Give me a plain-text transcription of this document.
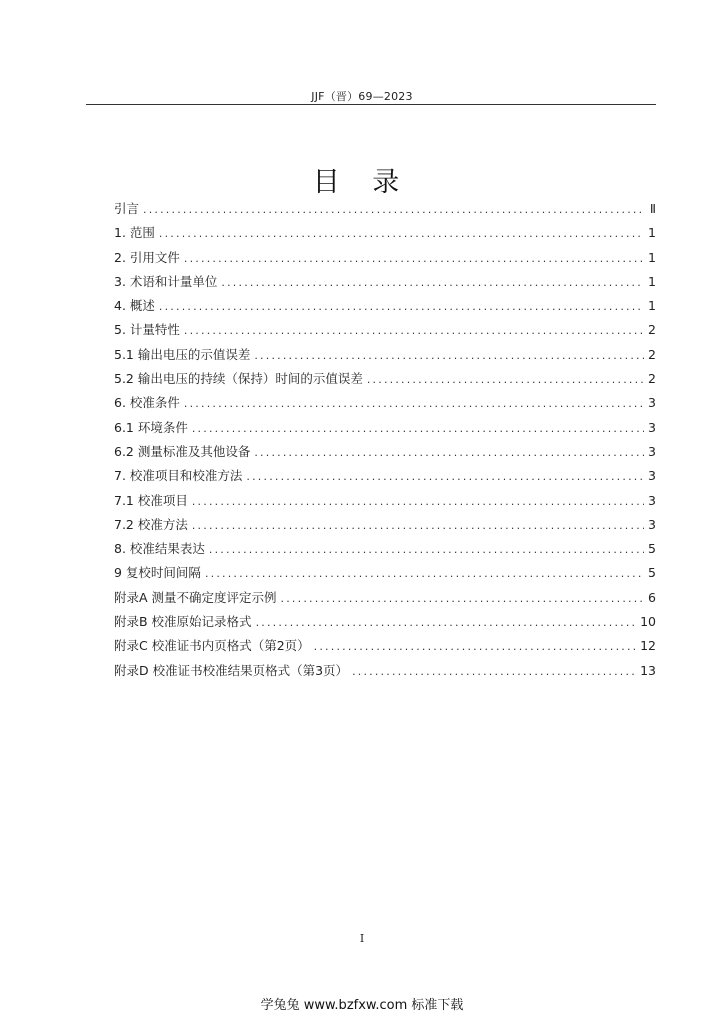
JJF（晋）69—2023
目 录
引言 .....	Ⅱ
1. 范围 .....	1
2. 引用文件 .....	1
3. 术语和计量单位 .....	1
4. 概述 .....	1
5. 计量特性 .....	2
5.1 输出电压的示值误差 .....	2
5.2 输出电压的持续（保持）时间的示值误差 .....	2
6. 校准条件 .....	3
6.1 环境条件 .....	3
6.2 测量标准及其他设备 .....	3
7. 校准项目和校准方法 .....	3
7.1 校准项目 .....	3
7.2 校准方法 .....	3
8. 校准结果表达 .....	5
9 复校时间间隔 .....	5
附录A 测量不确定度评定示例 .....	6
附录B 校准原始记录格式 .....	10
附录C 校准证书内页格式（第2页） .....	12
附录D 校准证书校准结果页格式（第3页） .....	13
I
学兔兔 www.bzfxw.com 标准下载
